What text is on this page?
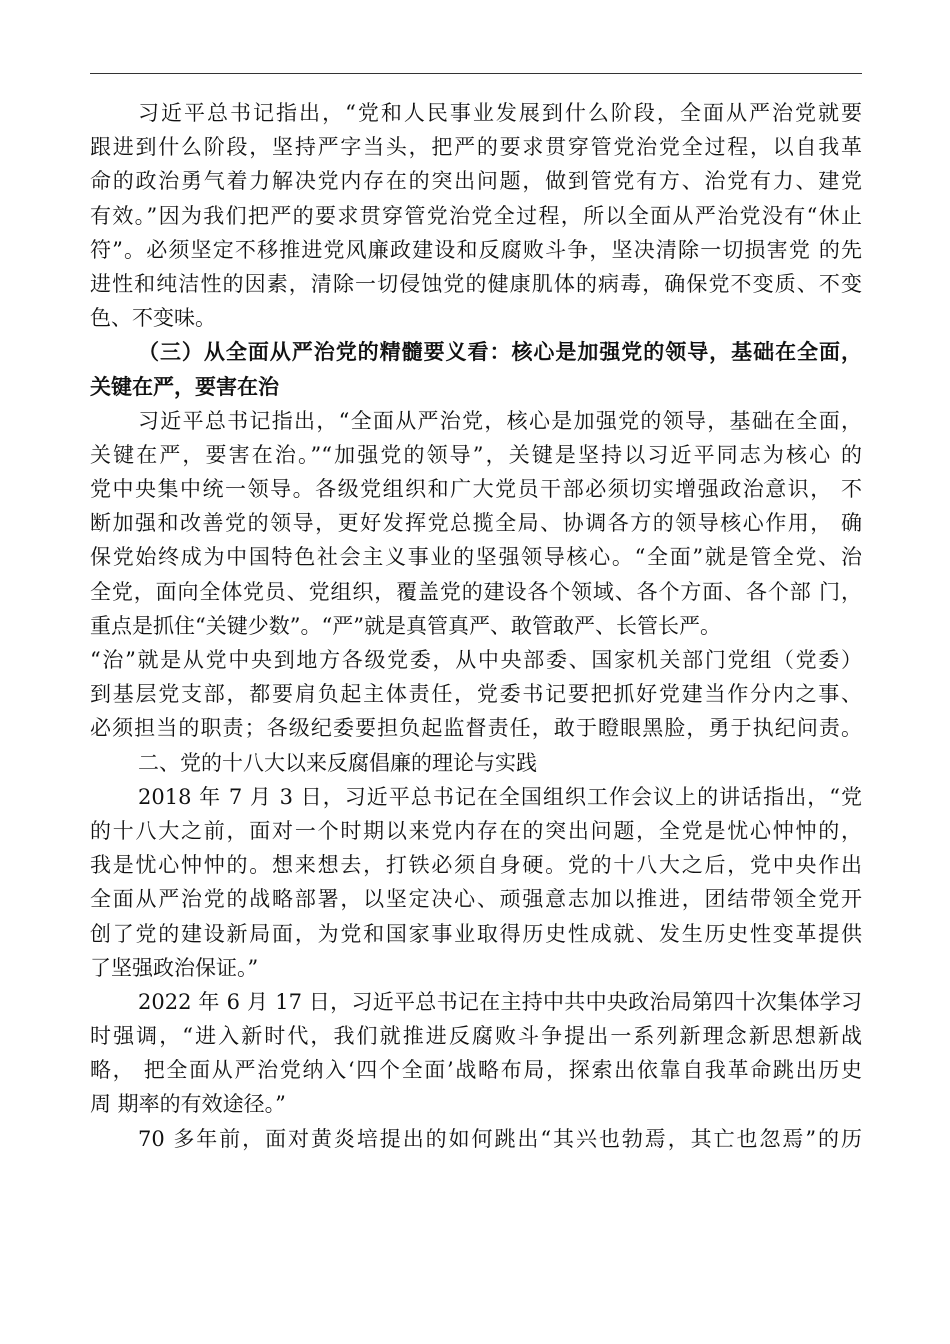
习近平总书记指出，“党和人民事业发展到什么阶段，全面从严治党就要
跟进到什么阶段，坚持严字当头，把严的要求贯穿管党治党全过程，以自我革
命的政治勇气着力解决党内存在的突出问题，做到管党有方、治党有力、建党
有效。”因为我们把严的要求贯穿管党治党全过程，所以全面从严治党没有“休止
符”。必须坚定不移推进党风廉政建设和反腐败斗争，坚决清除一切损害党 的先
进性和纯洁性的因素，清除一切侵蚀党的健康肌体的病毒，确保党不变质、不变
色、不变味。
（三）从全面从严治党的精髓要义看：核心是加强党的领导，基础在全面，
关键在严，要害在治
习近平总书记指出，“全面从严治党，核心是加强党的领导，基础在全面，
关键在严，要害在治。”“加强党的领导”，关键是坚持以习近平同志为核心 的
党中央集中统一领导。各级党组织和广大党员干部必须切实增强政治意识， 不
断加强和改善党的领导，更好发挥党总揽全局、协调各方的领导核心作用， 确
保党始终成为中国特色社会主义事业的坚强领导核心。“全面”就是管全党、治
全党，面向全体党员、党组织，覆盖党的建设各个领域、各个方面、各个部 门，
重点是抓住“关键少数”。“严”就是真管真严、敢管敢严、长管长严。
“治”就是从党中央到地方各级党委，从中央部委、国家机关部门党组（党委）
到基层党支部，都要肩负起主体责任，党委书记要把抓好党建当作分内之事、
必须担当的职责；各级纪委要担负起监督责任，敢于瞪眼黑脸，勇于执纪问责。
二、党的十八大以来反腐倡廉的理论与实践
2018 年 7 月 3 日，习近平总书记在全国组织工作会议上的讲话指出，“党
的十八大之前，面对一个时期以来党内存在的突出问题，全党是忧心忡忡的，
我是忧心忡忡的。想来想去，打铁必须自身硬。党的十八大之后，党中央作出
全面从严治党的战略部署，以坚定决心、顽强意志加以推进，团结带领全党开
创了党的建设新局面，为党和国家事业取得历史性成就、发生历史性变革提供
了坚强政治保证。”
2022 年 6 月 17 日，习近平总书记在主持中共中央政治局第四十次集体学习
时强调，“进入新时代，我们就推进反腐败斗争提出一系列新理念新思想新战
略， 把全面从严治党纳入‘四个全面’战略布局，探索出依靠自我革命跳出历史
周 期率的有效途径。”
70 多年前，面对黄炎培提出的如何跳出“其兴也勃焉，其亡也忽焉”的历
